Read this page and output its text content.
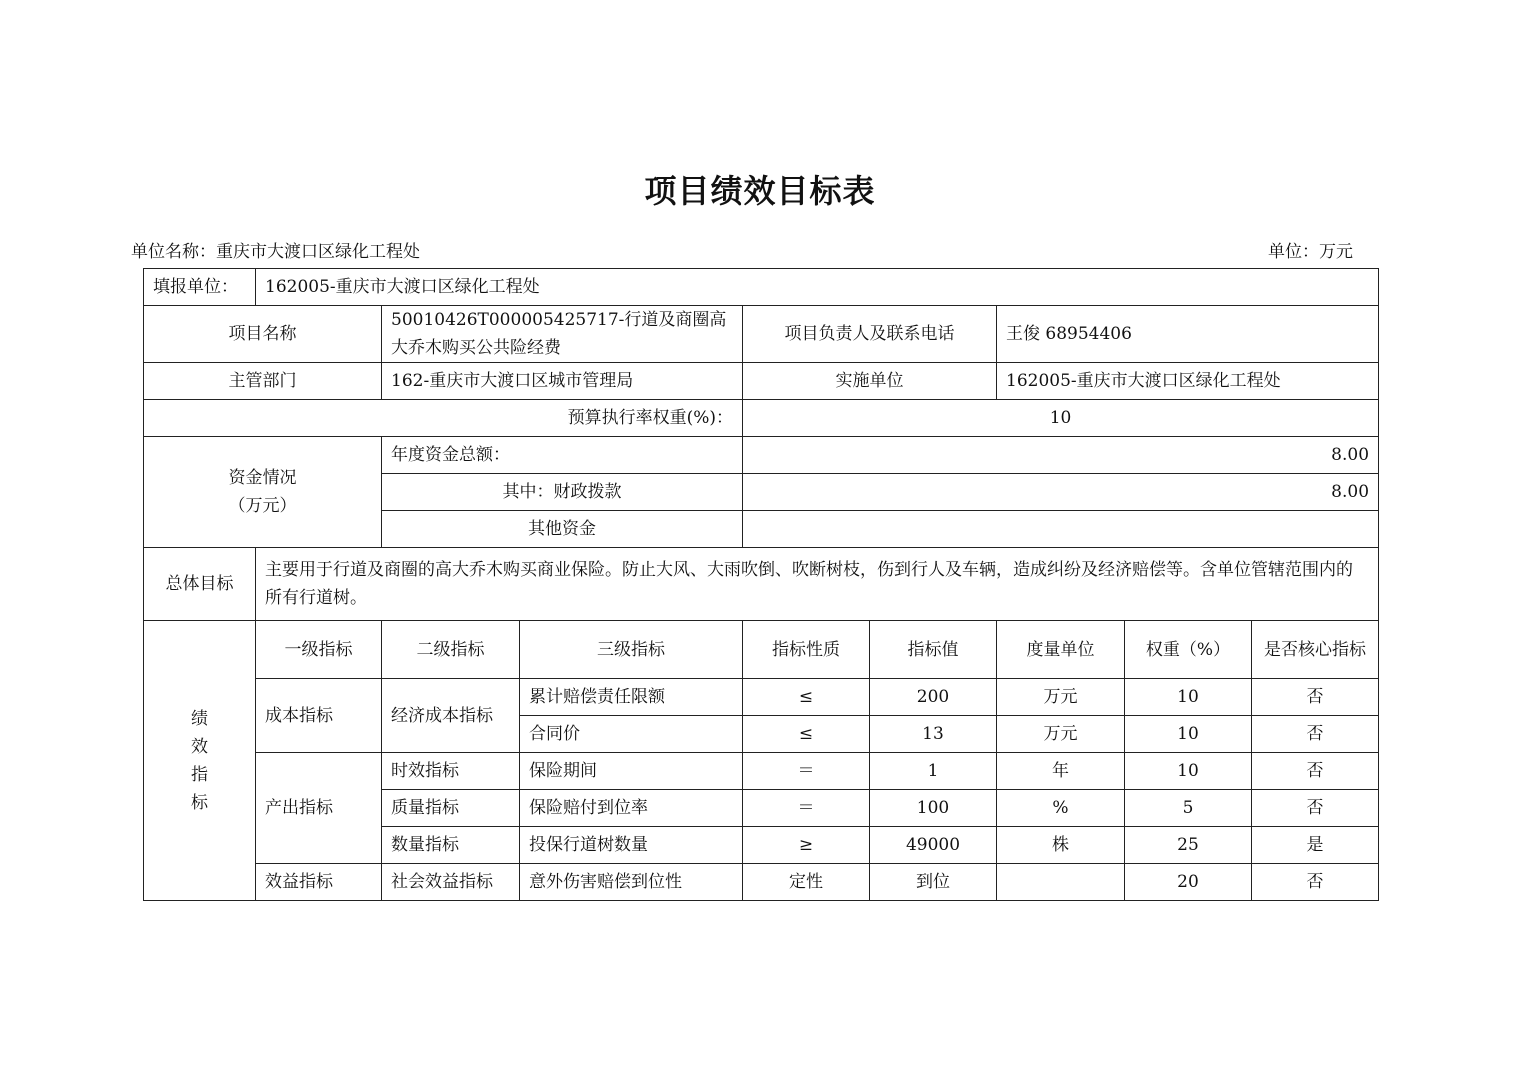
项目绩效目标表
单位名称：重庆市大渡口区绿化工程处	单位：万元
填报单位：	162005-重庆市大渡口区绿化工程处							
项目名称		50010426T000005425717-行道及商圈高大乔木购买公共险经费		项目负责人及联系电话		王俊 68954406		
主管部门		162-重庆市大渡口区城市管理局		实施单位		162005-重庆市大渡口区绿化工程处		
预算执行率权重(%)：				10				

资金情况
（万元）		年度资金总额：		8.00				
		其中：财政拨款		8.00				
		其他资金						
总体目标	主要用于行道及商圈的高大乔木购买商业保险。防止大风、大雨吹倒、吹断树枝，伤到行人及车辆，造成纠纷及经济赔偿等。含单位管辖范围内的所有行道树。							

绩
效
指
标	一级指标	二级指标	三级指标	指标性质	指标值	度量单位	权重（%）	是否核心指标
	成本指标	经济成本指标	累计赔偿责任限额	≤	200	万元	10	否
			合同价	≤	13	万元	10	否
	产出指标	时效指标	保险期间	＝	1	年	10	否
		质量指标	保险赔付到位率	＝	100	%	5	否
		数量指标	投保行道树数量	≥	49000	株	25	是
	效益指标	社会效益指标	意外伤害赔偿到位性	定性	到位		20	否
